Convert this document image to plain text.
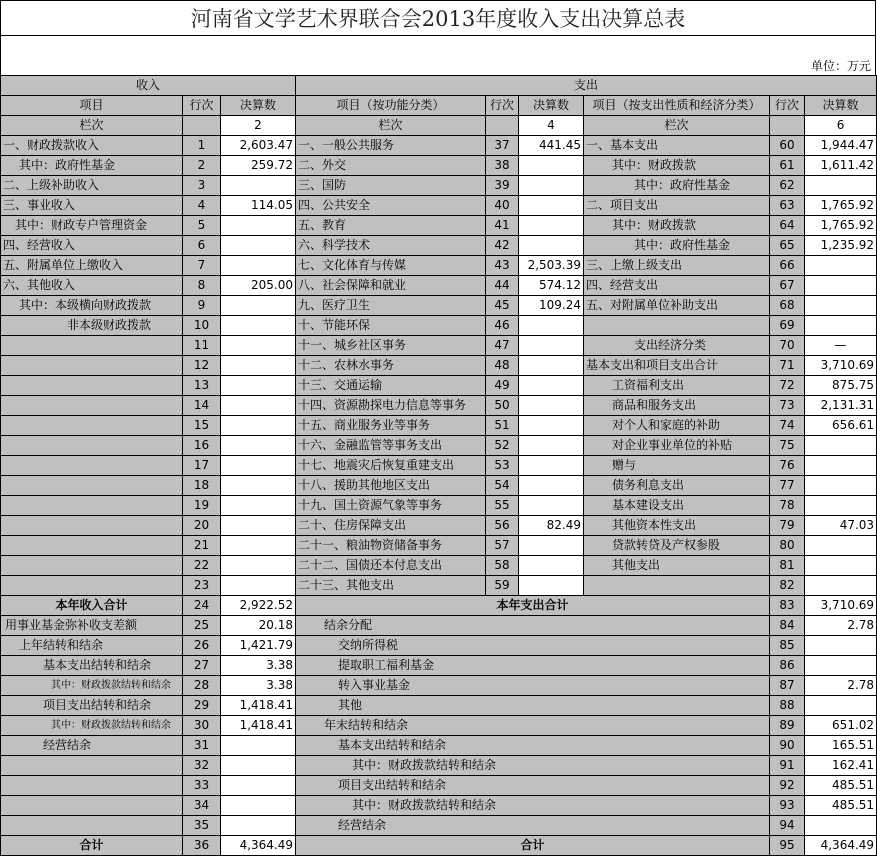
河南省文学艺术界联合会2013年度收入支出决算总表
单位：万元
收入			支出					
项目	行次	决算数	项目（按功能分类）	行次	决算数	项目（按支出性质和经济分类）	行次	决算数
栏次		2	栏次		4	栏次		6
一、财政拨款收入	1	2,603.47	一、一般公共服务	37	441.45	一、基本支出	60	1,944.47
其中：政府性基金	2	259.72	二、外交	38		其中：财政拨款	61	1,611.42
二、上级补助收入	3		三、国防	39		其中：政府性基金	62	
三、事业收入	4	114.05	四、公共安全	40		二、项目支出	63	1,765.92
其中：财政专户管理资金	5		五、教育	41		其中：财政拨款	64	1,765.92
四、经营收入	6		六、科学技术	42		其中：政府性基金	65	1,235.92
五、附属单位上缴收入	7		七、文化体育与传媒	43	2,503.39	三、上缴上级支出	66	
六、其他收入	8	205.00	八、社会保障和就业	44	574.12	四、经营支出	67	
其中：本级横向财政拨款	9		九、医疗卫生	45	109.24	五、对附属单位补助支出	68	
非本级财政拨款	10		十、节能环保	46			69	
	11		十一、城乡社区事务	47		支出经济分类	70	—
	12		十二、农林水事务	48		基本支出和项目支出合计	71	3,710.69
	13		十三、交通运输	49		工资福利支出	72	875.75
	14		十四、资源勘探电力信息等事务	50		商品和服务支出	73	2,131.31
	15		十五、商业服务业等事务	51		对个人和家庭的补助	74	656.61
	16		十六、金融监管等事务支出	52		对企业事业单位的补贴	75	
	17		十七、地震灾后恢复重建支出	53		赠与	76	
	18		十八、援助其他地区支出	54		债务利息支出	77	
	19		十九、国土资源气象等事务	55		基本建设支出	78	
	20		二十、住房保障支出	56	82.49	其他资本性支出	79	47.03
	21		二十一、粮油物资储备事务	57		贷款转贷及产权参股	80	
	22		二十二、国债还本付息支出	58		其他支出	81	
	23		二十三、其他支出	59			82	
本年收入合计	24	2,922.52	本年支出合计				83	3,710.69
用事业基金弥补收支差额	25	20.18	结余分配				84	2.78
上年结转和结余	26	1,421.79	交纳所得税				85	
基本支出结转和结余	27	3.38	提取职工福利基金				86	
其中：财政拨款结转和结余	28	3.38	转入事业基金				87	2.78
项目支出结转和结余	29	1,418.41	其他				88	
其中：财政拨款结转和结余	30	1,418.41	年末结转和结余				89	651.02
经营结余	31		基本支出结转和结余				90	165.51
	32		其中：财政拨款结转和结余				91	162.41
	33		项目支出结转和结余				92	485.51
	34		其中：财政拨款结转和结余				93	485.51
	35		经营结余				94	
合计	36	4,364.49	合计				95	4,364.49
